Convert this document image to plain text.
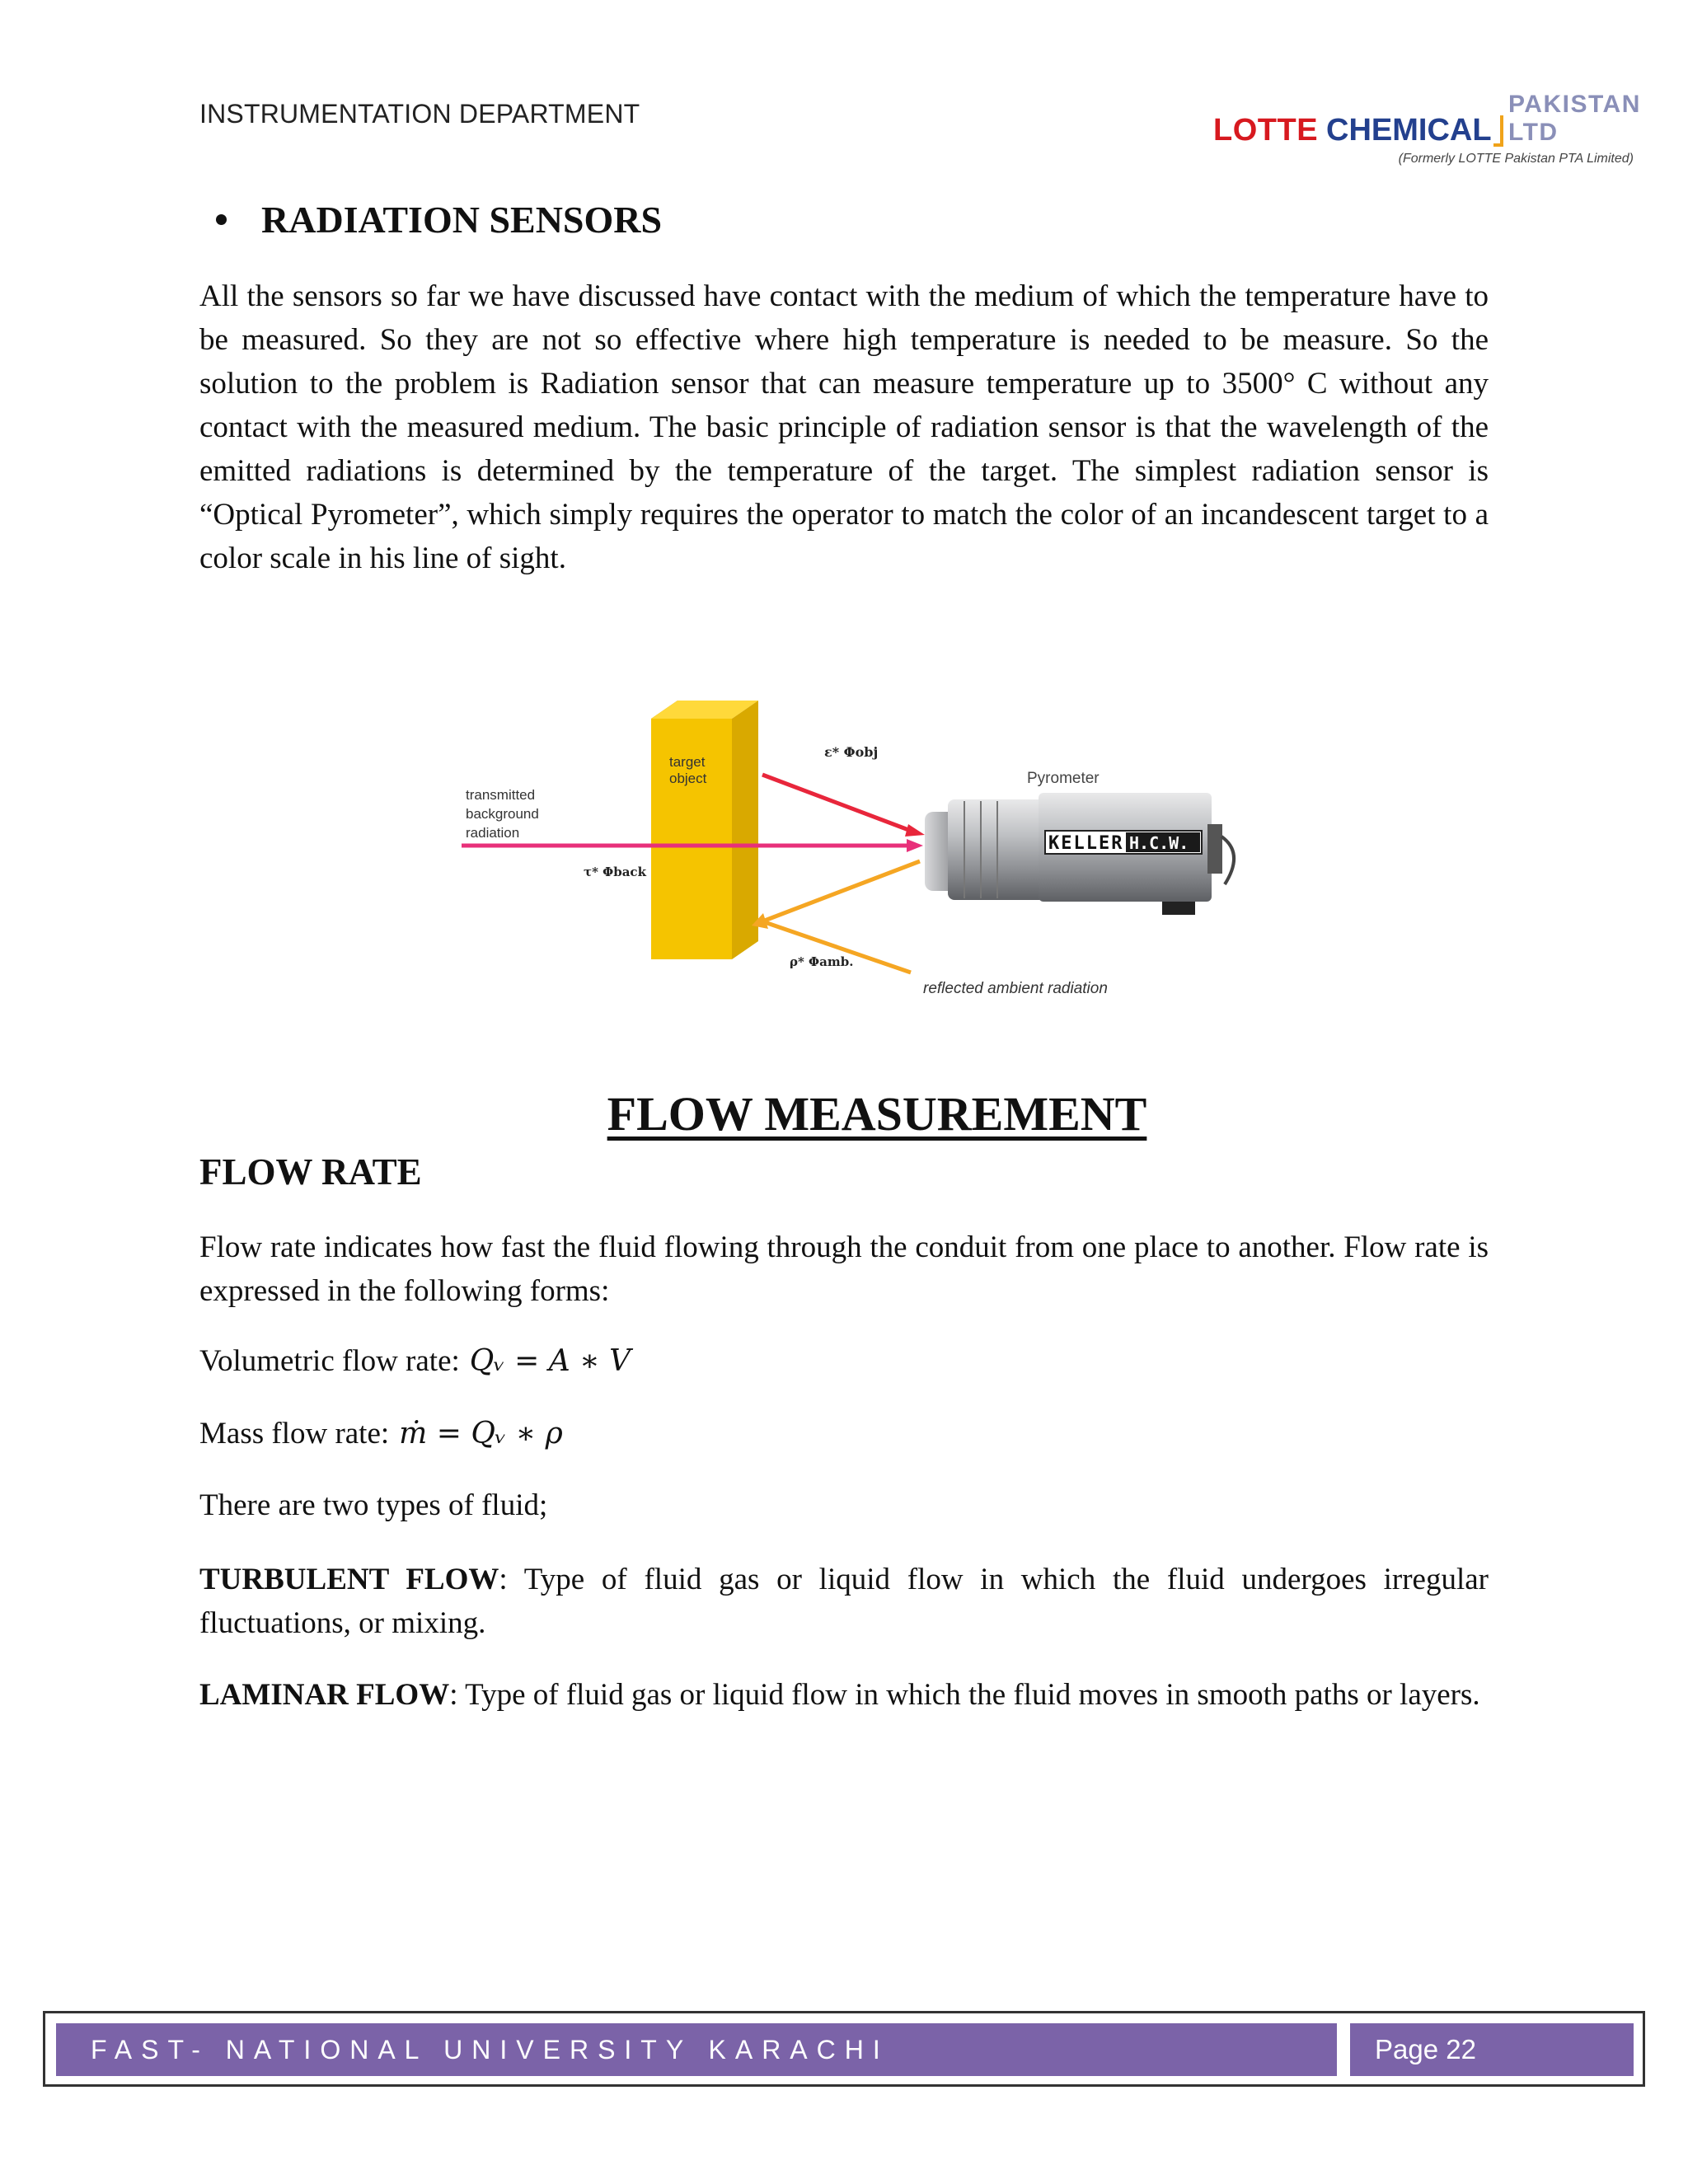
INSTRUMENTATION DEPARTMENT	LOTTE CHEMICAL
PAKISTAN LTD
(Formerly LOTTE Pakistan PTA Limited)
RADIATION SENSORS

All the sensors so far we have discussed have contact with the medium of which the temperature have to be measured. So they are not so effective where high temperature is needed to be measure. So the solution to the problem is Radiation sensor that can measure temperature up to 3500° C without any contact with the measured medium. The basic principle of radiation sensor is that the wavelength of the emitted radiations is determined by the temperature of the target. The simplest radiation sensor is “Optical Pyrometer”, which simply requires the operator to match the color of an incandescent target to a color scale in his line of sight.

target
object
transmitted
background
radiation
ε* Φobj
τ* Φback
ρ* Φamb.
Pyrometer
KELLER H.C.W.
reflected ambient radiation
FLOW MEASUREMENT
FLOW RATE

Flow rate indicates how fast the fluid flowing through the conduit from one place to another. Flow rate is expressed in the following forms:

Volumetric flow rate: Qᵥ = A ∗ V
Mass flow rate: ṁ = Qᵥ ∗ ρ
There are two types of fluid;

TURBULENT FLOW: Type of fluid gas or liquid flow in which the fluid undergoes irregular fluctuations, or mixing.

LAMINAR FLOW: Type of fluid gas or liquid flow in which the fluid moves in smooth paths or layers.

FAST- NATIONAL UNIVERSITY KARACHI	Page 22
